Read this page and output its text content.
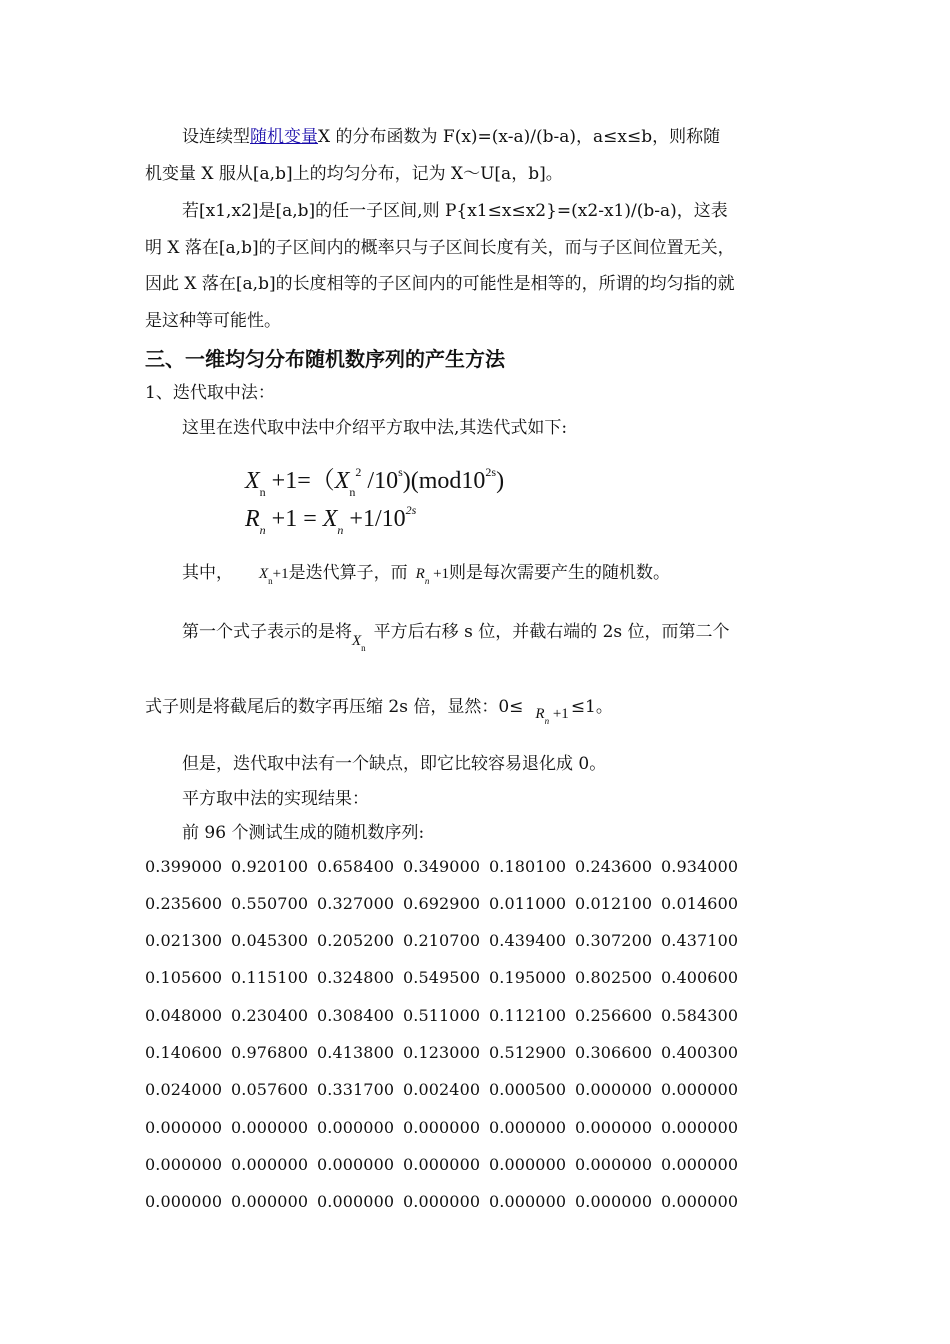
设连续型随机变量X 的分布函数为 F(x)=(x-a)/(b-a)，a≤x≤b，则称随
机变量 X 服从[a,b]上的均匀分布，记为 X～U[a，b]。
若[x1,x2]是[a,b]的任一子区间,则 P{x1≤x≤x2}=(x2-x1)/(b-a)，这表
明 X 落在[a,b]的子区间内的概率只与子区间长度有关，而与子区间位置无关，
因此 X 落在[a,b]的长度相等的子区间内的可能性是相等的，所谓的均匀指的就
是这种等可能性。
三、一维均匀分布随机数序列的产生方法
1、迭代取中法：
这里在迭代取中法中介绍平方取中法,其迭代式如下:
$X_n +1=(X_n^2$ $/10^s)(mod10^{2s})$
$R_n +1 = X_n +1/10^{2s}$
其中， $X_n+1$是迭代算子，而 $R_n +1$则是每次需要产生的随机数。
第一个式子表示的是将$X_n$平方后右移 s 位，并截右端的 2s 位，而第二个
式子则是将截尾后的数字再压缩 2s 倍，显然：$0\le R_n +1 \le 1$。
但是，迭代取中法有一个缺点，即它比较容易退化成 0。
平方取中法的实现结果：
前 96 个测试生成的随机数序列:
0.399000 0.920100 0.658400 0.349000 0.180100 0.243600 0.934000
0.235600 0.550700 0.327000 0.692900 0.011000 0.012100 0.014600
0.021300 0.045300 0.205200 0.210700 0.439400 0.307200 0.437100
0.105600 0.115100 0.324800 0.549500 0.195000 0.802500 0.400600
0.048000 0.230400 0.308400 0.511000 0.112100 0.256600 0.584300
0.140600 0.976800 0.413800 0.123000 0.512900 0.306600 0.400300
0.024000 0.057600 0.331700 0.002400 0.000500 0.000000 0.000000
0.000000 0.000000 0.000000 0.000000 0.000000 0.000000 0.000000
0.000000 0.000000 0.000000 0.000000 0.000000 0.000000 0.000000
0.000000 0.000000 0.000000 0.000000 0.000000 0.000000 0.000000
